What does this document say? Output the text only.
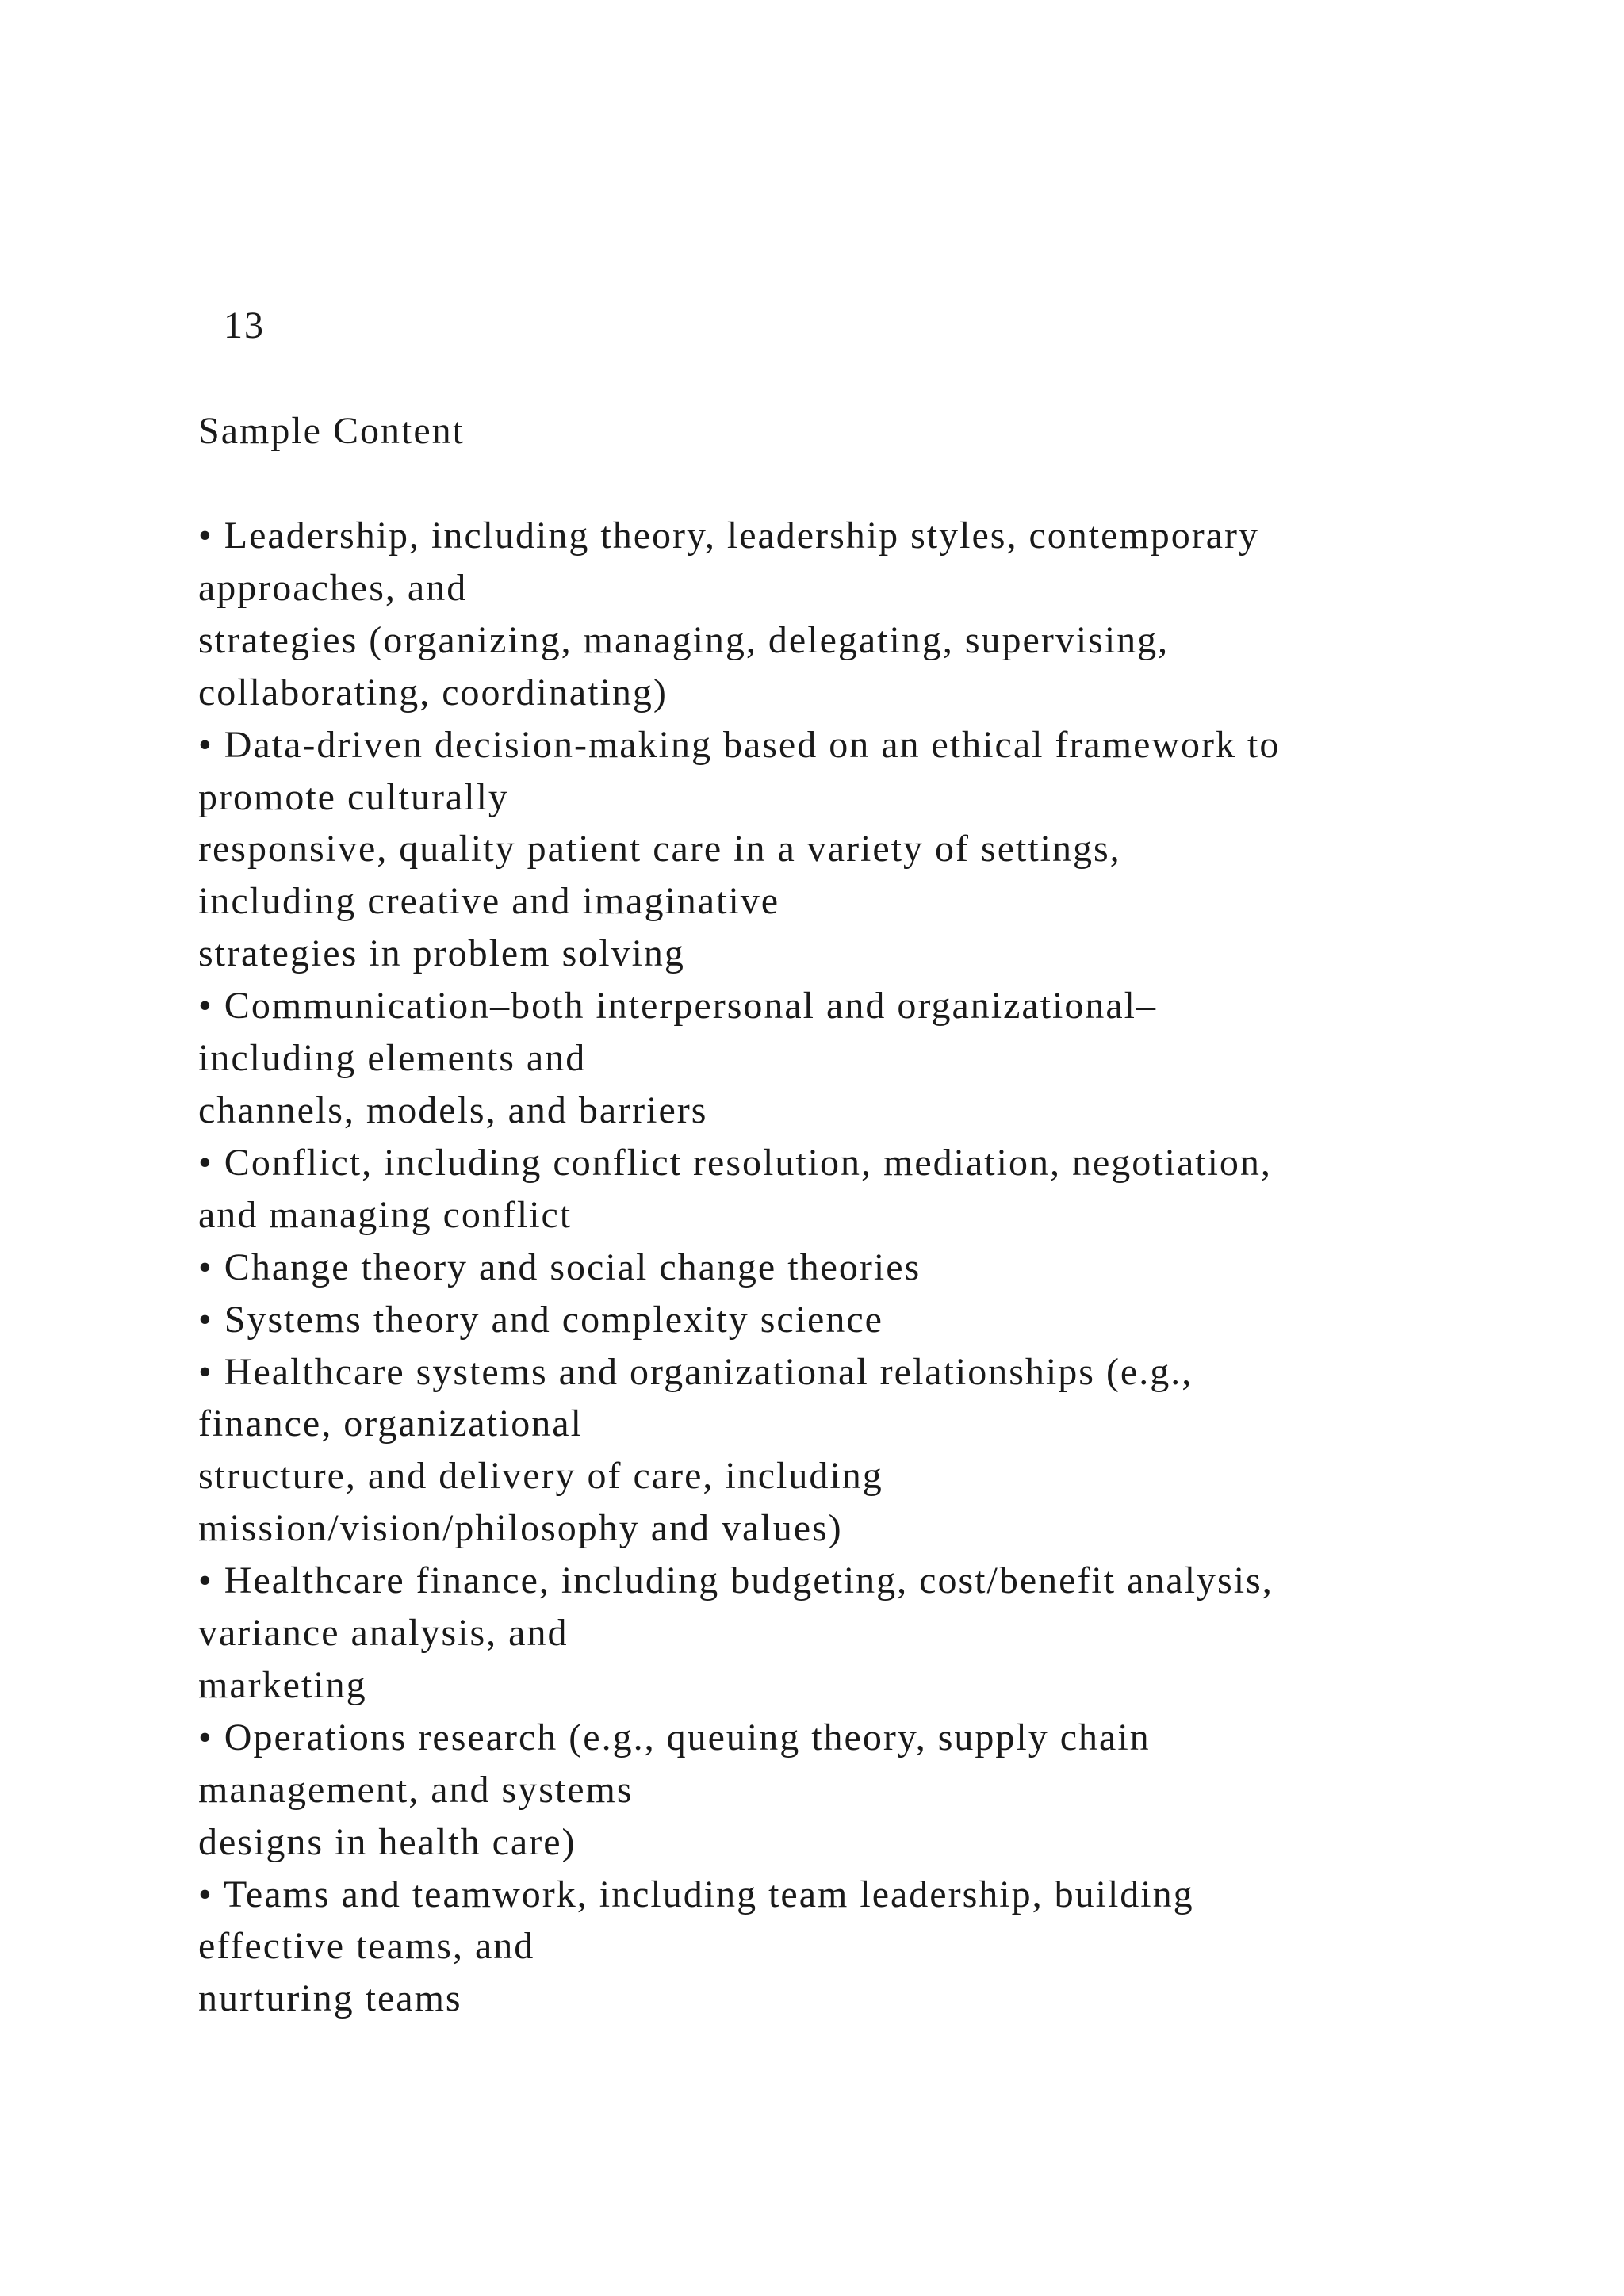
13
Sample Content
• Leadership, including theory, leadership styles, contemporary
approaches, and
strategies (organizing, managing, delegating, supervising,
collaborating, coordinating)
• Data-driven decision-making based on an ethical framework to
promote culturally
responsive, quality patient care in a variety of settings,
including creative and imaginative
strategies in problem solving
• Communication–both interpersonal and organizational–
including elements and
channels, models, and barriers
• Conflict, including conflict resolution, mediation, negotiation,
and managing conflict
• Change theory and social change theories
• Systems theory and complexity science
• Healthcare systems and organizational relationships (e.g.,
finance, organizational
structure, and delivery of care, including
mission/vision/philosophy and values)
• Healthcare finance, including budgeting, cost/benefit analysis,
variance analysis, and
marketing
• Operations research (e.g., queuing theory, supply chain
management, and systems
designs in health care)
• Teams and teamwork, including team leadership, building
effective teams, and
nurturing teams
